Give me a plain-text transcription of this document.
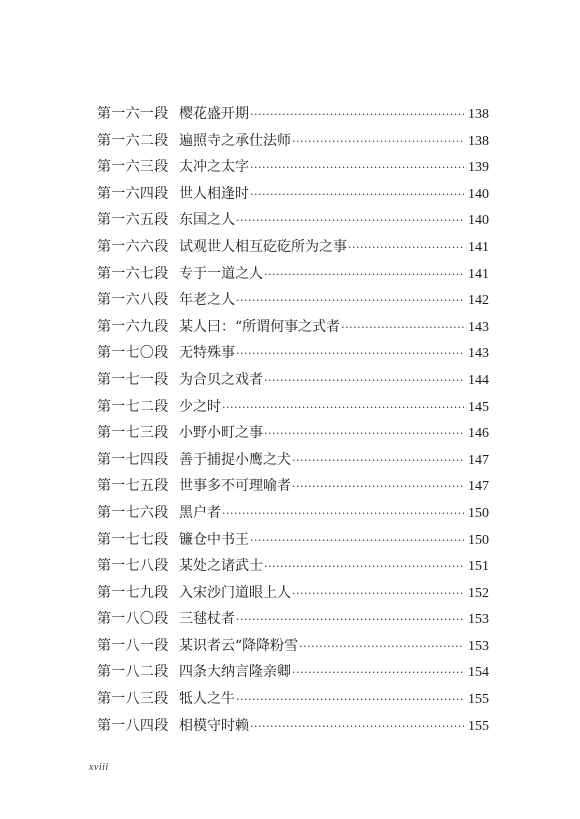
第一六一段 樱花盛开期 ·····	138
第一六二段 遍照寺之承仕法师 ·····	138
第一六三段 太冲之太字 ·····	139
第一六四段 世人相逢时 ·····	140
第一六五段 东国之人 ·····	140
第一六六段 试观世人相互矻矻所为之事 ·····	141
第一六七段 专于一道之人 ·····	141
第一六八段 年老之人 ·····	142
第一六九段 某人曰：“所谓何事之式者 ·····	143
第一七〇段 无特殊事 ·····	143
第一七一段 为合贝之戏者 ·····	144
第一七二段 少之时 ·····	145
第一七三段 小野小町之事 ·····	146
第一七四段 善于捕捉小鹰之犬 ·····	147
第一七五段 世事多不可理喻者 ·····	147
第一七六段 黑户者 ·····	150
第一七七段 镰仓中书王 ·····	150
第一七八段 某处之诸武士 ·····	151
第一七九段 入宋沙门道眼上人 ·····	152
第一八〇段 三毬杖者 ·····	153
第一八一段 某识者云“降降粉雪 ·····	153
第一八二段 四条大纳言隆亲卿 ·····	154
第一八三段 牴人之牛 ·····	155
第一八四段 相模守时赖 ·····	155
xviii
